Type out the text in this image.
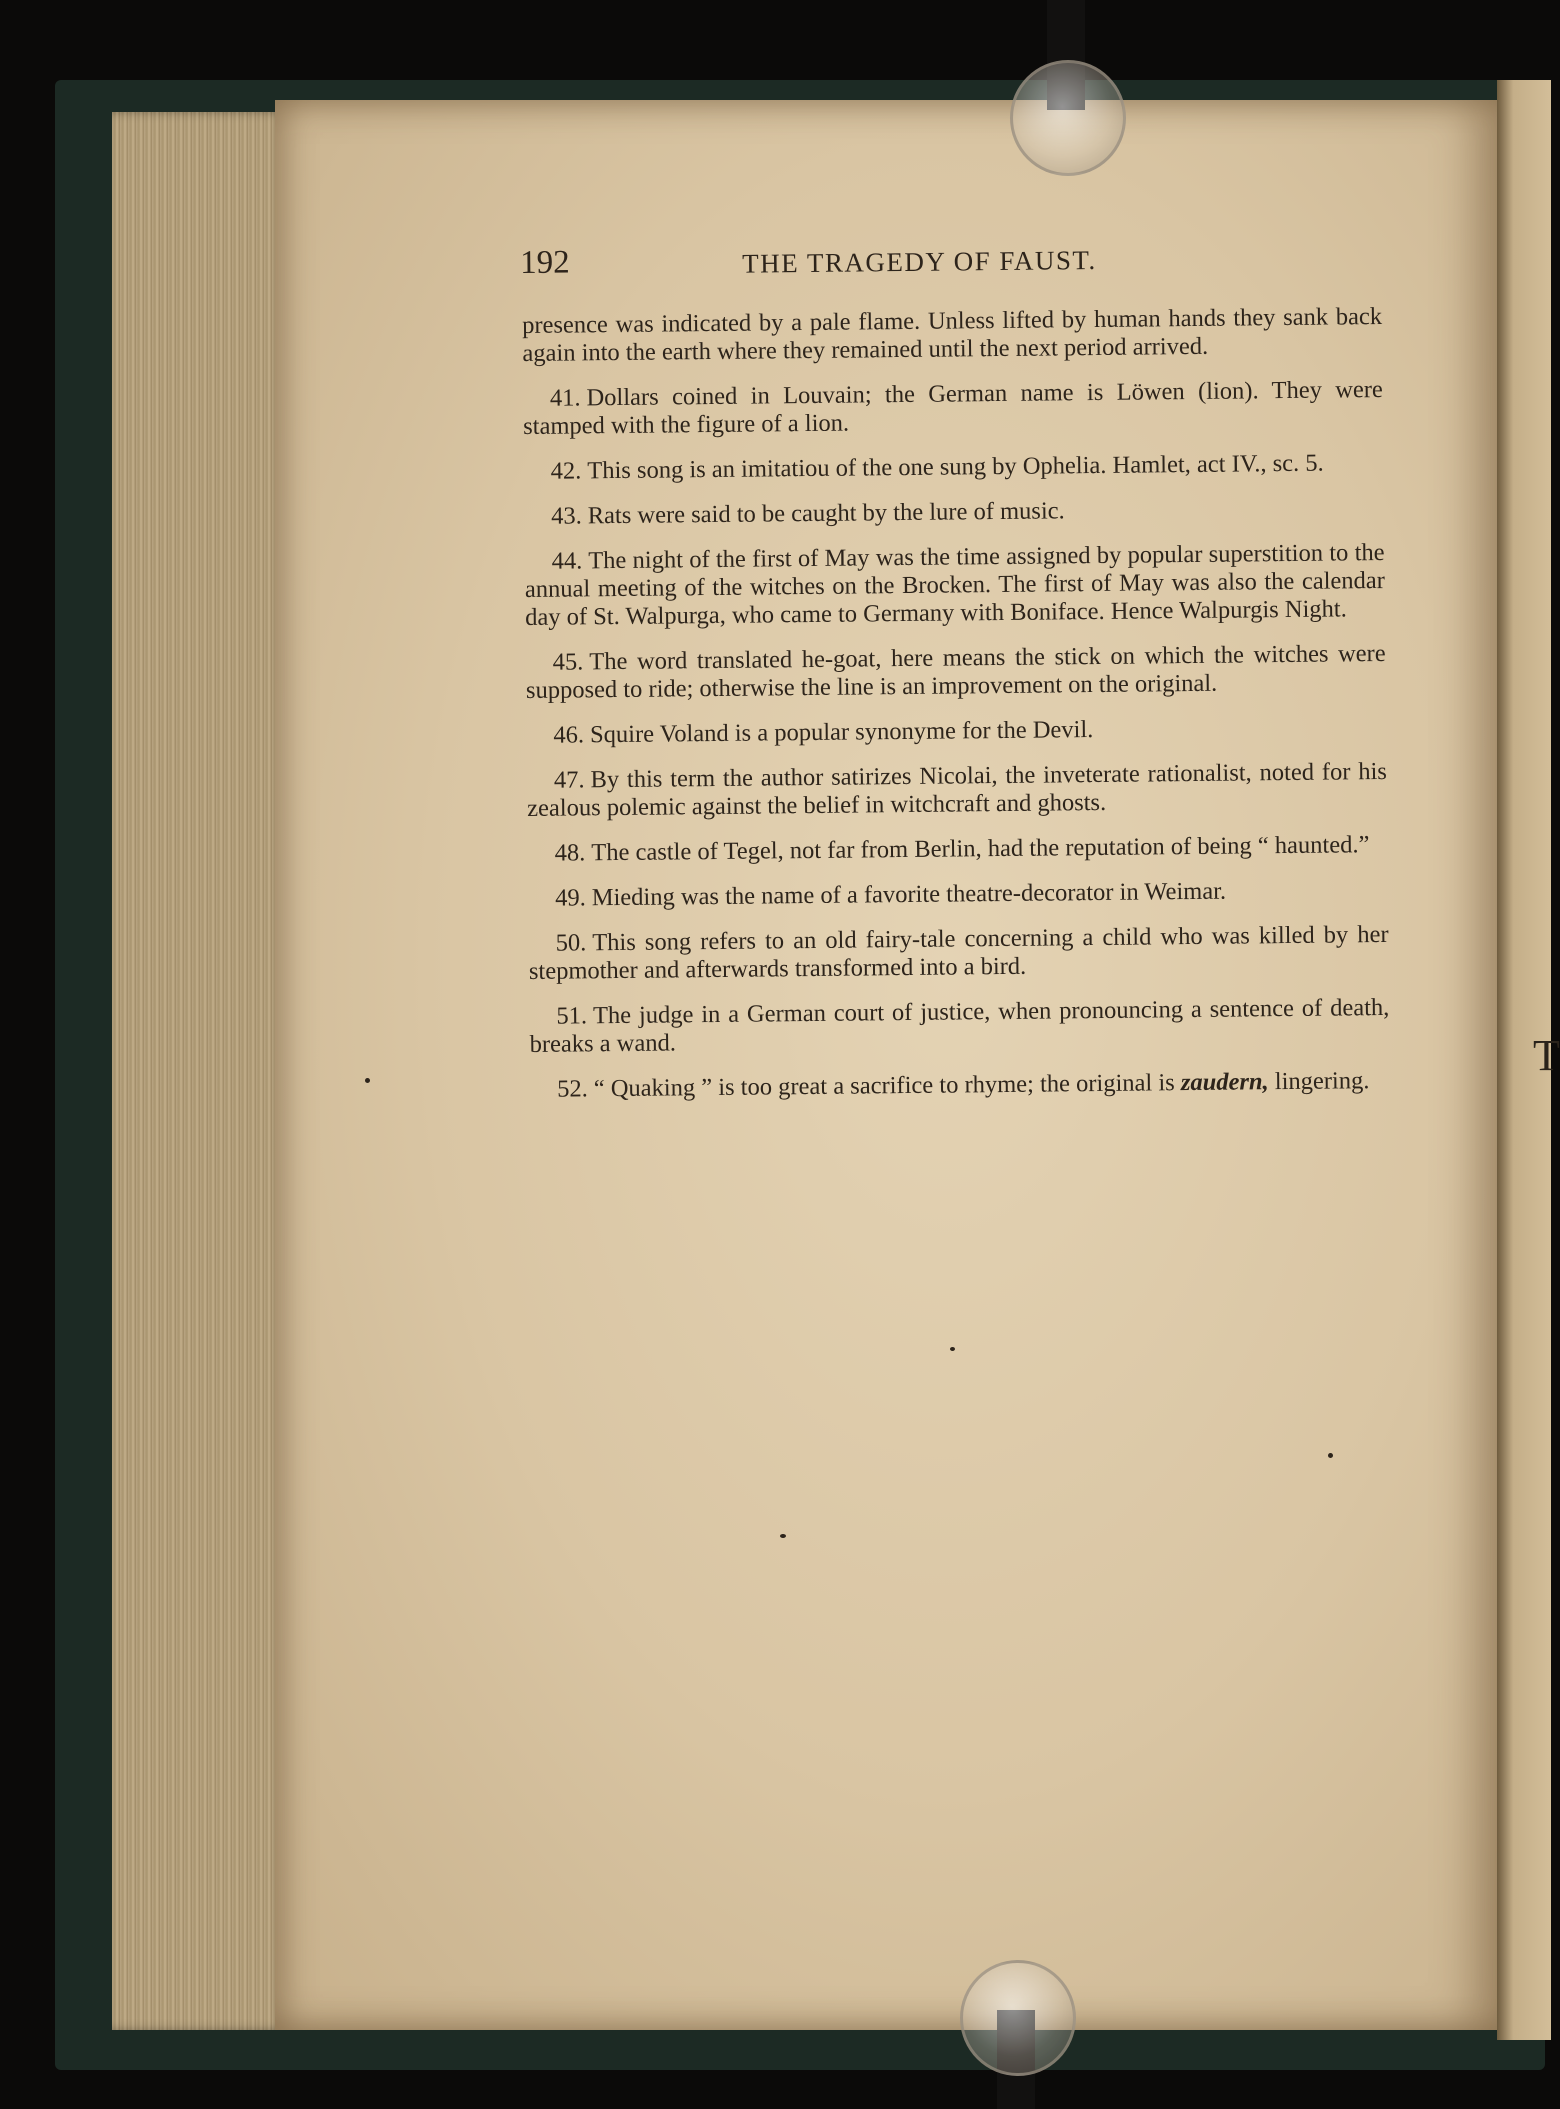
T
192	THE TRAGEDY OF FAUST.

presence was indicated by a pale flame. Unless lifted by human hands they sank back again into the earth where they remained until the next period arrived.

41. Dollars coined in Louvain; the German name is Löwen (lion). They were stamped with the figure of a lion.

42. This song is an imitatiou of the one sung by Ophelia. Hamlet, act IV., sc. 5.

43. Rats were said to be caught by the lure of music.

44. The night of the first of May was the time assigned by popular superstition to the annual meeting of the witches on the Brocken. The first of May was also the calendar day of St. Walpurga, who came to Germany with Boniface. Hence Walpurgis Night.

45. The word translated he-goat, here means the stick on which the witches were supposed to ride; otherwise the line is an improvement on the original.

46. Squire Voland is a popular synonyme for the Devil.

47. By this term the author satirizes Nicolai, the inveterate rationalist, noted for his zealous polemic against the belief in witchcraft and ghosts.

48. The castle of Tegel, not far from Berlin, had the reputation of being “ haunted.”

49. Mieding was the name of a favorite theatre-decorator in Weimar.

50. This song refers to an old fairy-tale concerning a child who was killed by her stepmother and afterwards transformed into a bird.

51. The judge in a German court of justice, when pronouncing a sentence of death, breaks a wand.

52. “ Quaking ” is too great a sacrifice to rhyme; the original is zaudern, lingering.
